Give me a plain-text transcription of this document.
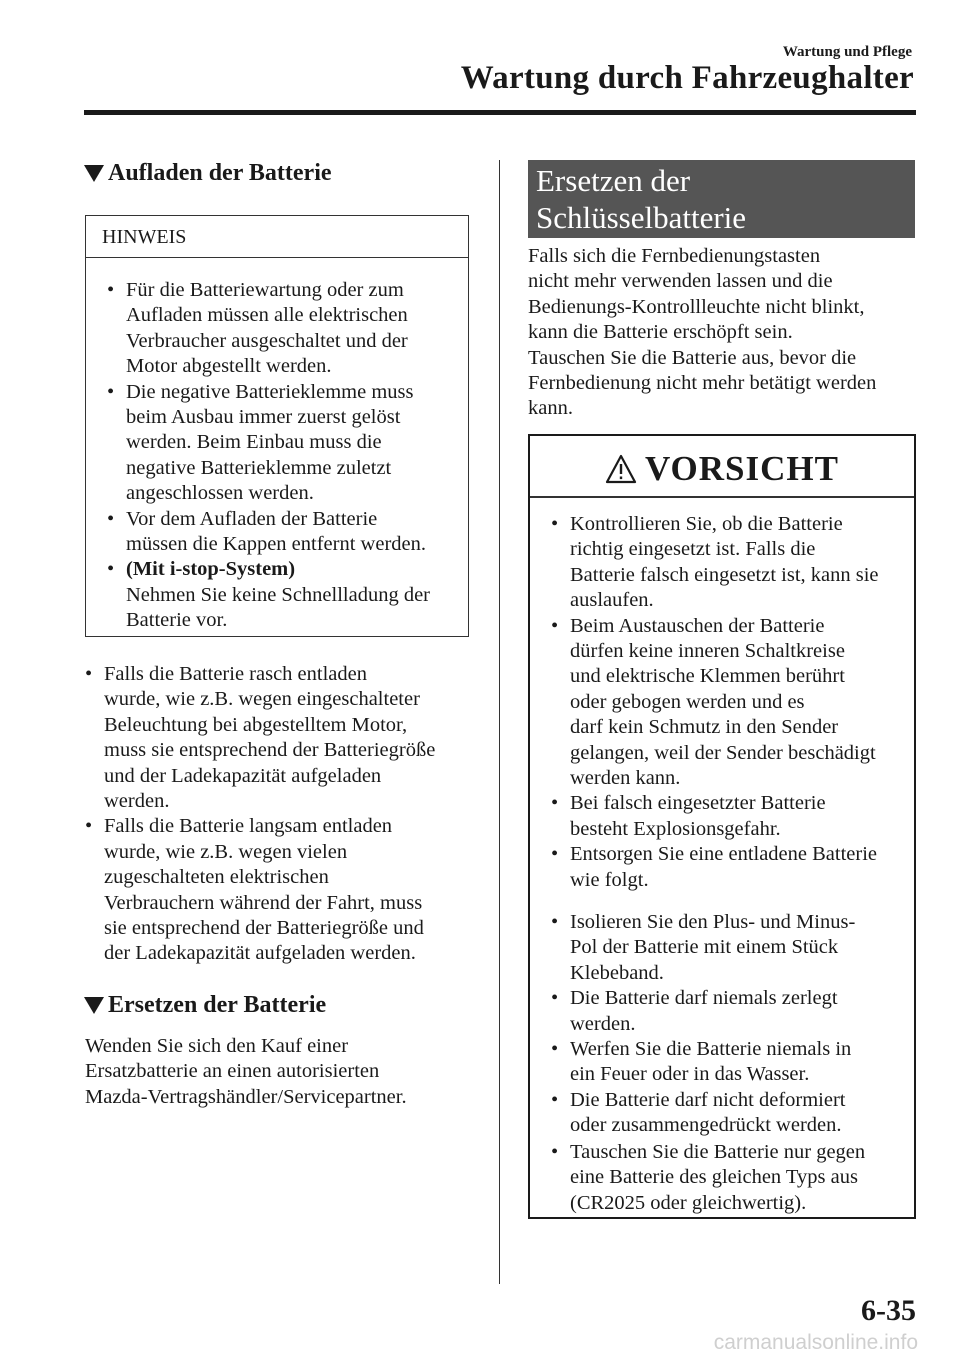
Wartung und Pflege
Wartung durch Fahrzeughalter
Aufladen der Batterie
HINWEIS
• Für die Batteriewartung oder zum
Aufladen müssen alle elektrischen
Verbraucher ausgeschaltet und der
Motor abgestellt werden.
• Die negative Batterieklemme muss
beim Ausbau immer zuerst gelöst
werden. Beim Einbau muss die
negative Batterieklemme zuletzt
angeschlossen werden.
• Vor dem Aufladen der Batterie
müssen die Kappen entfernt werden.
• (Mit i-stop-System)
Nehmen Sie keine Schnellladung der
Batterie vor.
• Falls die Batterie rasch entladen
wurde, wie z.B. wegen eingeschalteter
Beleuchtung bei abgestelltem Motor,
muss sie entsprechend der Batteriegröße
und der Ladekapazität aufgeladen
werden.
• Falls die Batterie langsam entladen
wurde, wie z.B. wegen vielen
zugeschalteten elektrischen
Verbrauchern während der Fahrt, muss
sie entsprechend der Batteriegröße und
der Ladekapazität aufgeladen werden.
Ersetzen der Batterie
Wenden Sie sich den Kauf einer
Ersatzbatterie an einen autorisierten
Mazda-Vertragshändler/Servicepartner.
Ersetzen der
Schlüsselbatterie
Falls sich die Fernbedienungstasten
nicht mehr verwenden lassen und die
Bedienungs-Kontrollleuchte nicht blinkt,
kann die Batterie erschöpft sein.
Tauschen Sie die Batterie aus, bevor die
Fernbedienung nicht mehr betätigt werden
kann.
VORSICHT
• Kontrollieren Sie, ob die Batterie
richtig eingesetzt ist. Falls die
Batterie falsch eingesetzt ist, kann sie
auslaufen.
• Beim Austauschen der Batterie
dürfen keine inneren Schaltkreise
und elektrische Klemmen berührt
oder gebogen werden und es
darf kein Schmutz in den Sender
gelangen, weil der Sender beschädigt
werden kann.
• Bei falsch eingesetzter Batterie
besteht Explosionsgefahr.
• Entsorgen Sie eine entladene Batterie
wie folgt.
• Isolieren Sie den Plus- und Minus-
Pol der Batterie mit einem Stück
Klebeband.
• Die Batterie darf niemals zerlegt
werden.
• Werfen Sie die Batterie niemals in
ein Feuer oder in das Wasser.
• Die Batterie darf nicht deformiert
oder zusammengedrückt werden.
• Tauschen Sie die Batterie nur gegen
eine Batterie des gleichen Typs aus
(CR2025 oder gleichwertig).
6-35
carmanualsonline.info
